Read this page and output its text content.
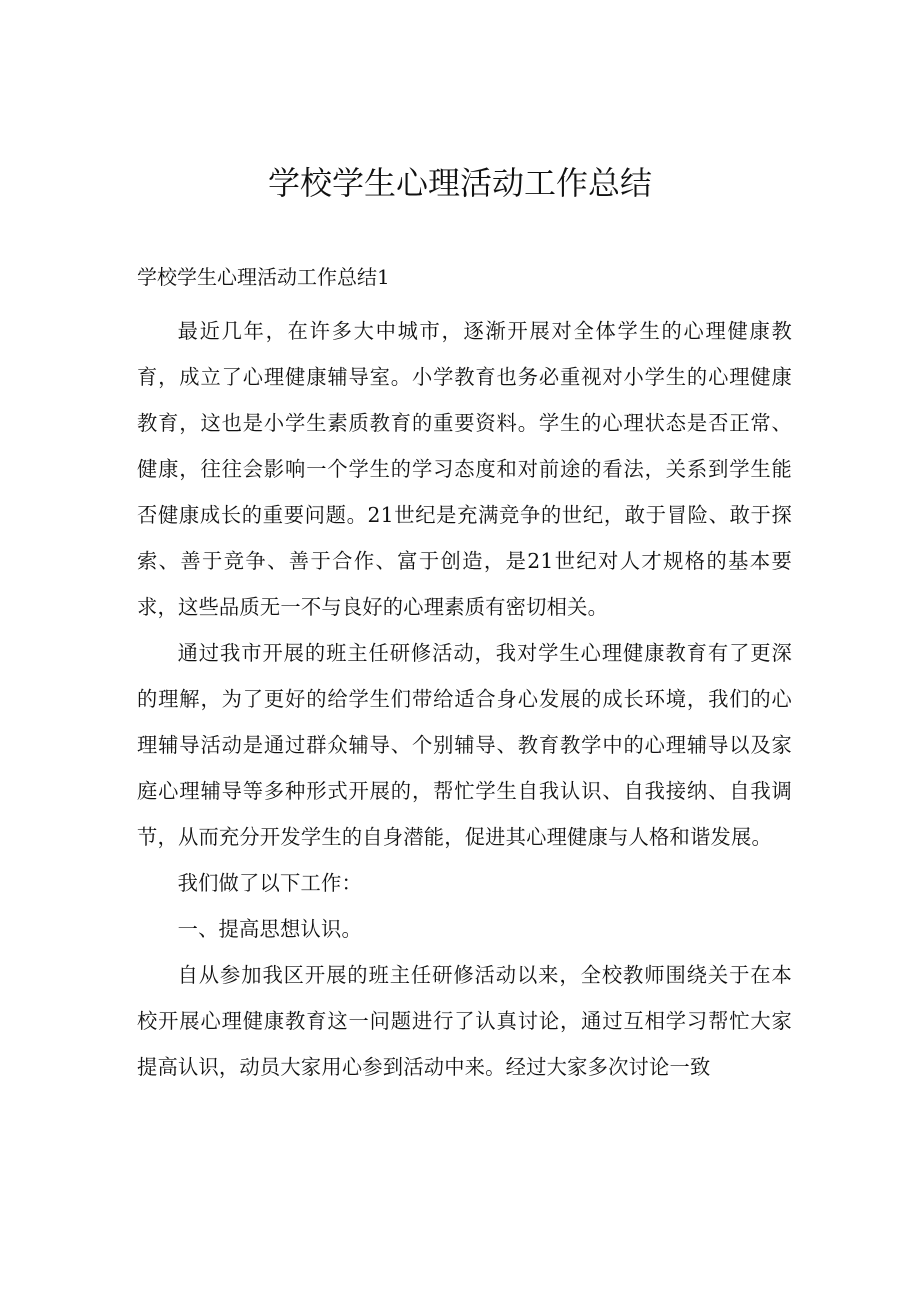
学校学生心理活动工作总结

学校学生心理活动工作总结1

最近几年，在许多大中城市，逐渐开展对全体学生的心理健康教育，成立了心理健康辅导室。小学教育也务必重视对小学生的心理健康教育，这也是小学生素质教育的重要资料。学生的心理状态是否正常、健康，往往会影响一个学生的学习态度和对前途的看法，关系到学生能否健康成长的重要问题。21世纪是充满竞争的世纪，敢于冒险、敢于探索、善于竞争、善于合作、富于创造，是21世纪对人才规格的基本要求，这些品质无一不与良好的心理素质有密切相关。

通过我市开展的班主任研修活动，我对学生心理健康教育有了更深的理解，为了更好的给学生们带给适合身心发展的成长环境，我们的心理辅导活动是通过群众辅导、个别辅导、教育教学中的心理辅导以及家庭心理辅导等多种形式开展的，帮忙学生自我认识、自我接纳、自我调节，从而充分开发学生的自身潜能，促进其心理健康与人格和谐发展。

我们做了以下工作：

一、提高思想认识。

自从参加我区开展的班主任研修活动以来，全校教师围绕关于在本校开展心理健康教育这一问题进行了认真讨论，通过互相学习帮忙大家提高认识，动员大家用心参到活动中来。经过大家多次讨论一致
